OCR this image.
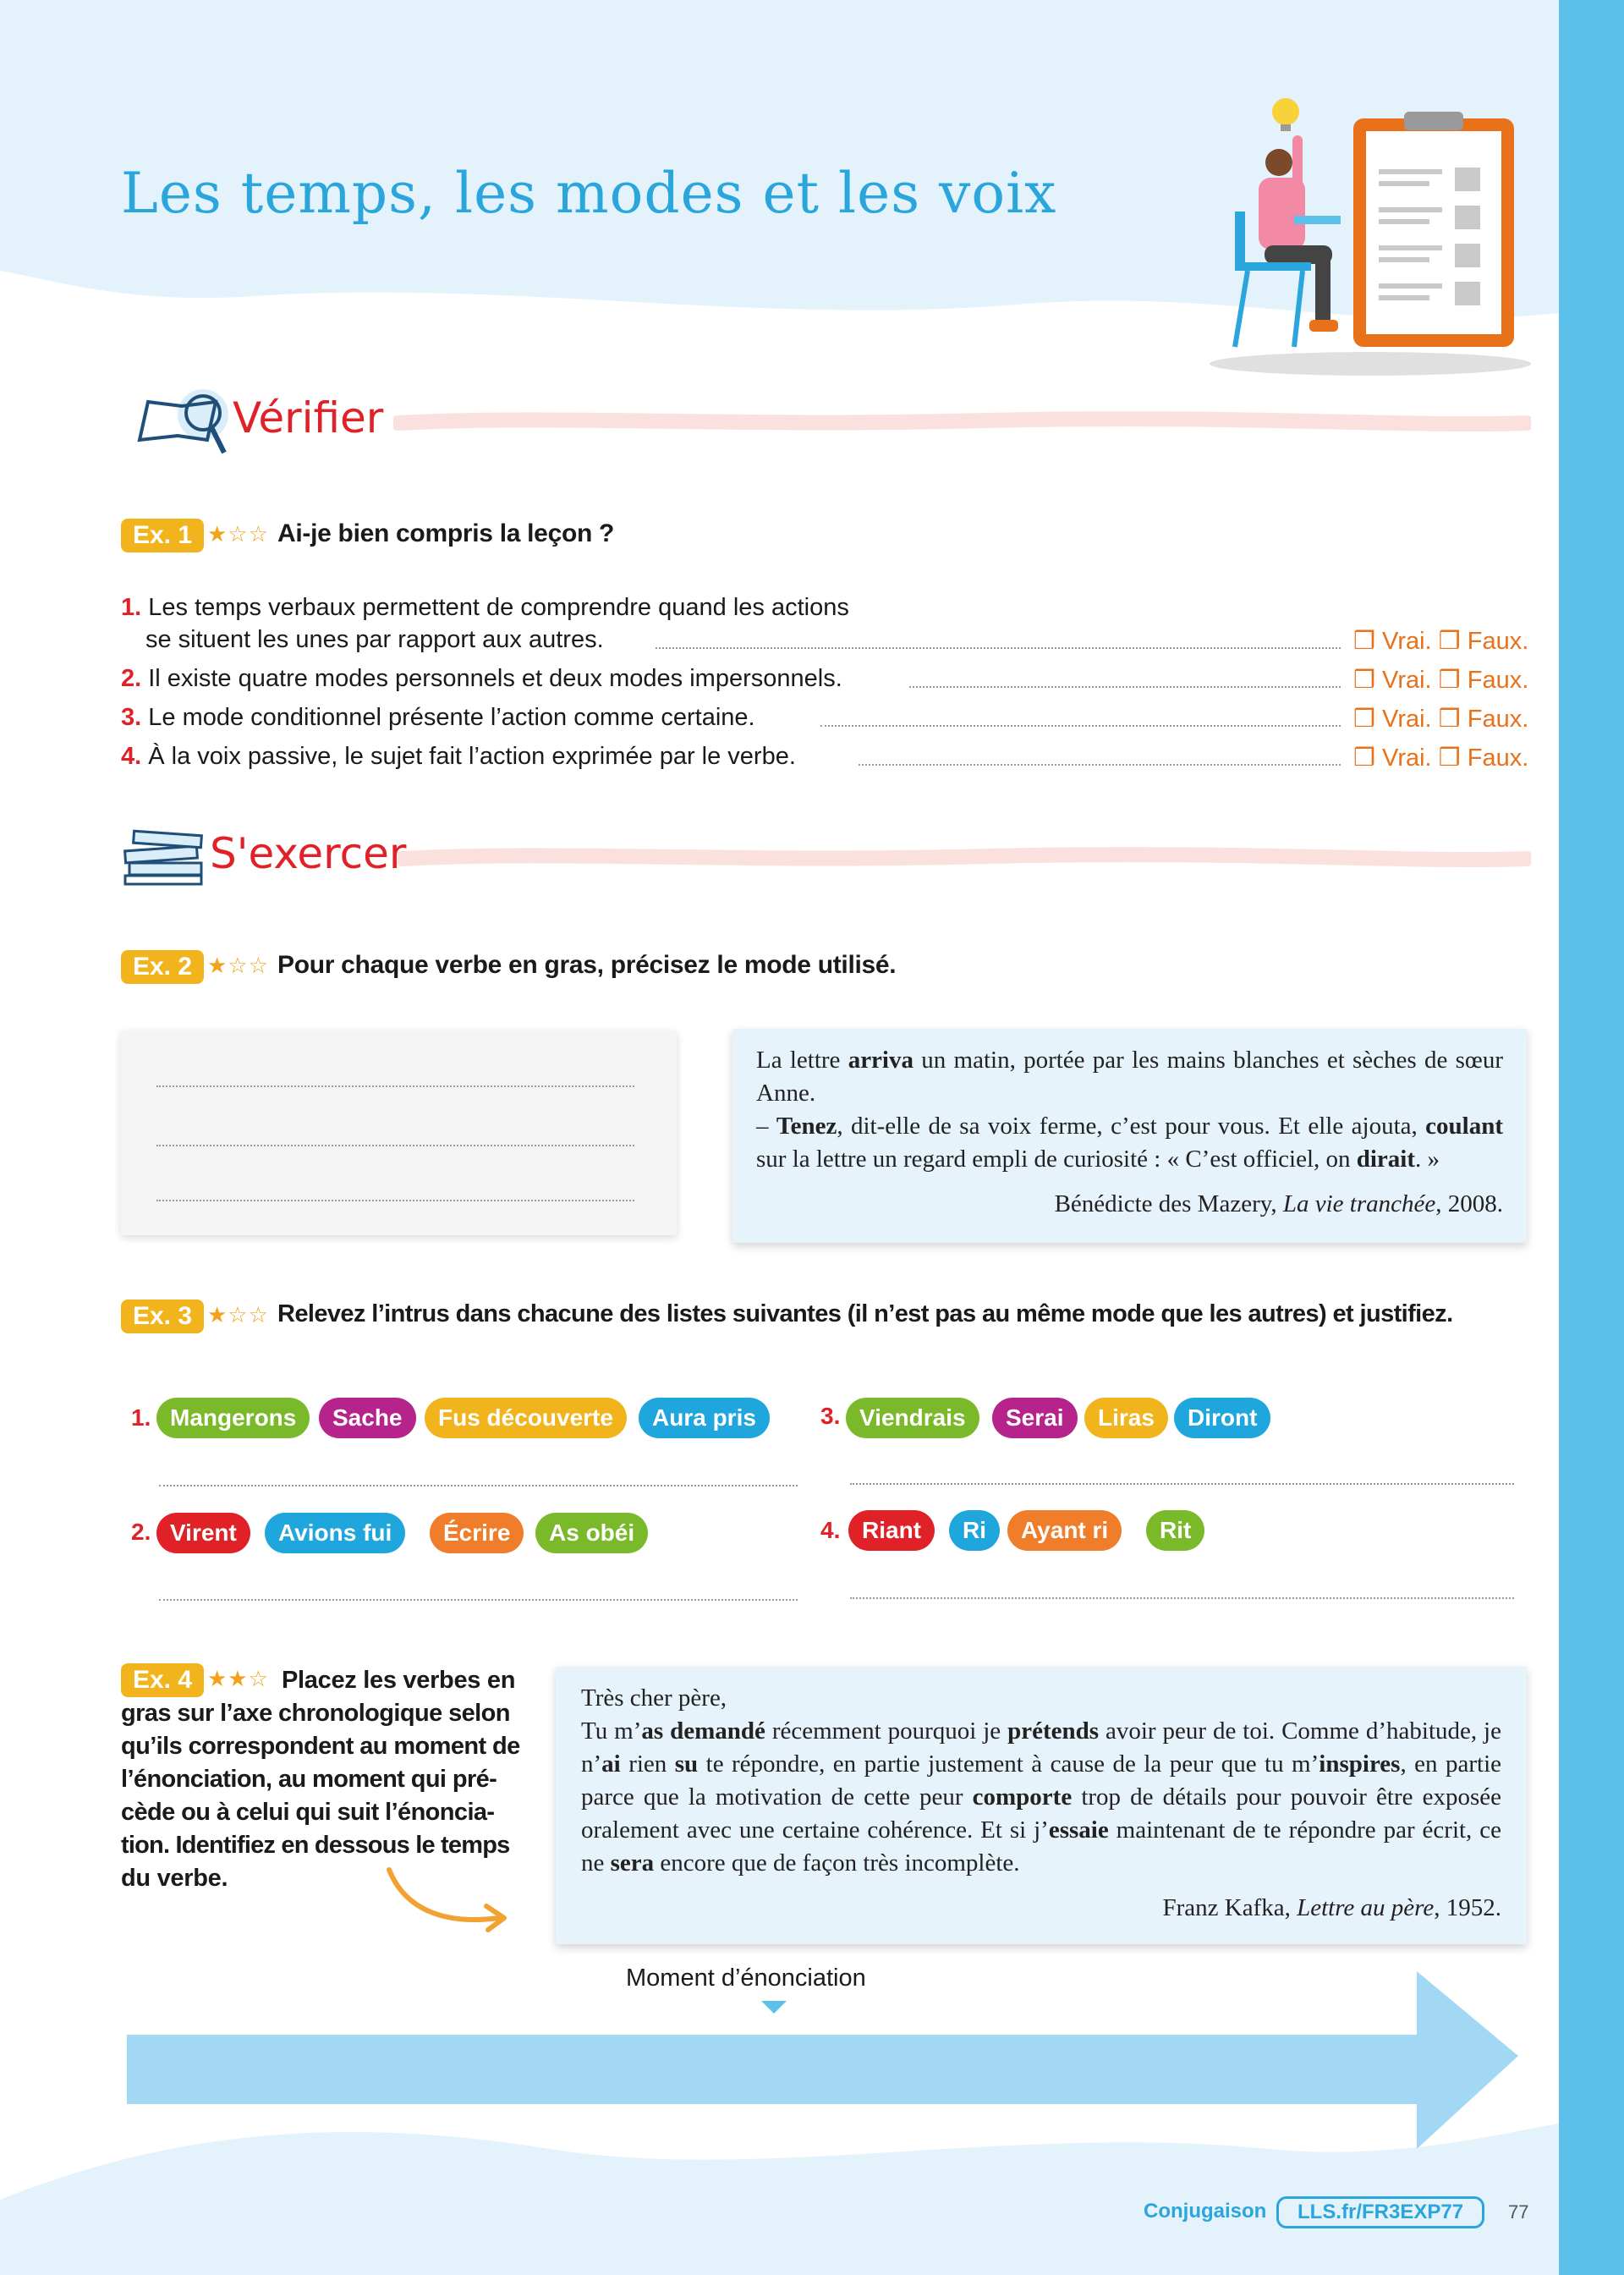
Les temps, les modes et les voix
Vérifier
Ex. 1 ★☆☆ Ai-je bien compris la leçon ?
1. Les temps verbaux permettent de comprendre quand les actions
se situent les unes par rapport aux autres.	❒ Vrai. ❒ Faux.
2. Il existe quatre modes personnels et deux modes impersonnels.	❒ Vrai. ❒ Faux.
3. Le mode conditionnel présente l’action comme certaine.	❒ Vrai. ❒ Faux.
4. À la voix passive, le sujet fait l’action exprimée par le verbe.	❒ Vrai. ❒ Faux.
S'exercer
Ex. 2 ★☆☆ Pour chaque verbe en gras, précisez le mode utilisé.
La lettre arriva un matin, portée par les mains blanches et sèches de sœur Anne.
– Tenez, dit-elle de sa voix ferme, c’est pour vous. Et elle ajouta, coulant sur la lettre un regard empli de curiosité : « C’est officiel, on dirait. »
Bénédicte des Mazery, La vie tranchée, 2008.
Ex. 3 ★☆☆ Relevez l’intrus dans chacune des listes suivantes (il n’est pas au même mode que les autres) et justifiez.
1. Mangerons	Sache	Fus découverte	Aura pris
2. Virent	Avions fui	Écrire	As obéi
3. Viendrais	Serai	Liras	Diront
4. Riant	Ri	Ayant ri	Rit
Ex. 4 ★★☆ Placez les verbes en
gras sur l’axe chronologique selon
qu’ils correspondent au moment de
l’énonciation, au moment qui pré-
cède ou à celui qui suit l’énoncia-
tion. Identifiez en dessous le temps
du verbe.
Très cher père,
Tu m’as demandé récemment pourquoi je prétends avoir peur de toi. Comme d’habitude, je n’ai rien su te répondre, en partie justement à cause de la peur que tu m’inspires, en partie parce que la motivation de cette peur comporte trop de détails pour pouvoir être exposée oralement avec une certaine cohérence. Et si j’essaie maintenant de te répondre par écrit, ce ne sera encore que de façon très incomplète.
Franz Kafka, Lettre au père, 1952.
Moment d’énonciation
Conjugaison	LLS.fr/FR3EXP77	77
